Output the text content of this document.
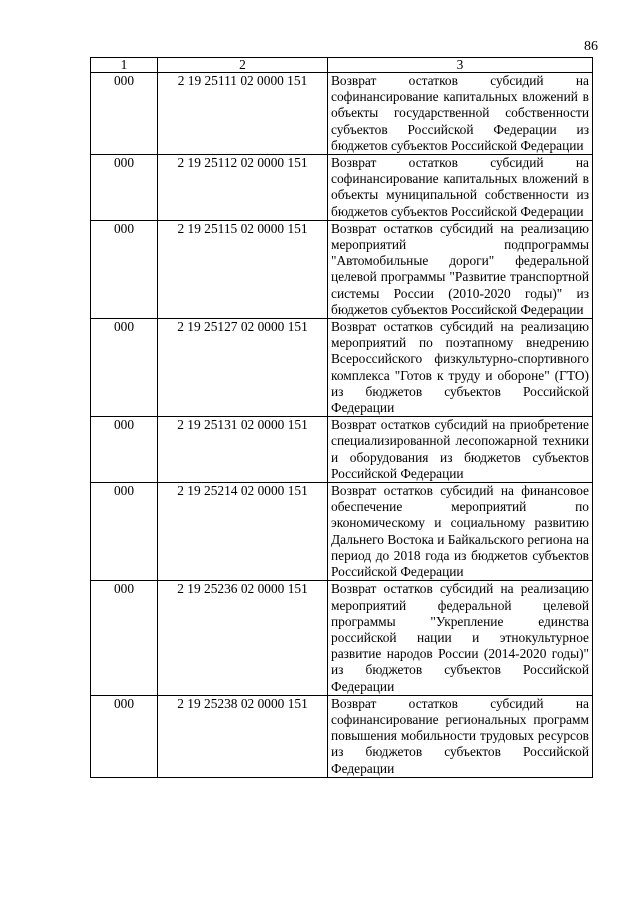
86
1	2	3
000	2 19 25111 02 0000 151	Возврат остатков субсидий на софинансирование капитальных вложений в объекты государственной собственности субъектов Российской Федерации из бюджетов субъектов Российской Федерации
000	2 19 25112 02 0000 151	Возврат остатков субсидий на софинансирование капитальных вложений в объекты муниципальной собственности из бюджетов субъектов Российской Федерации
000	2 19 25115 02 0000 151	Возврат остатков субсидий на реализацию мероприятий подпрограммы "Автомобильные дороги" федеральной целевой программы "Развитие транспортной системы России (2010-2020 годы)" из бюджетов субъектов Российской Федерации
000	2 19 25127 02 0000 151	Возврат остатков субсидий на реализацию мероприятий по поэтапному внедрению Всероссийского физкультурно-спортивного комплекса "Готов к труду и обороне" (ГТО) из бюджетов субъектов Российской Федерации
000	2 19 25131 02 0000 151	Возврат остатков субсидий на приобретение специализированной лесопожарной техники и оборудования из бюджетов субъектов Российской Федерации
000	2 19 25214 02 0000 151	Возврат остатков субсидий на финансовое обеспечение мероприятий по экономическому и социальному развитию Дальнего Востока и Байкальского региона на период до 2018 года из бюджетов субъектов Российской Федерации
000	2 19 25236 02 0000 151	Возврат остатков субсидий на реализацию мероприятий федеральной целевой программы "Укрепление единства российской нации и этнокультурное развитие народов России (2014-2020 годы)" из бюджетов субъектов Российской Федерации
000	2 19 25238 02 0000 151	Возврат остатков субсидий на софинансирование региональных программ повышения мобильности трудовых ресурсов из бюджетов субъектов Российской Федерации
